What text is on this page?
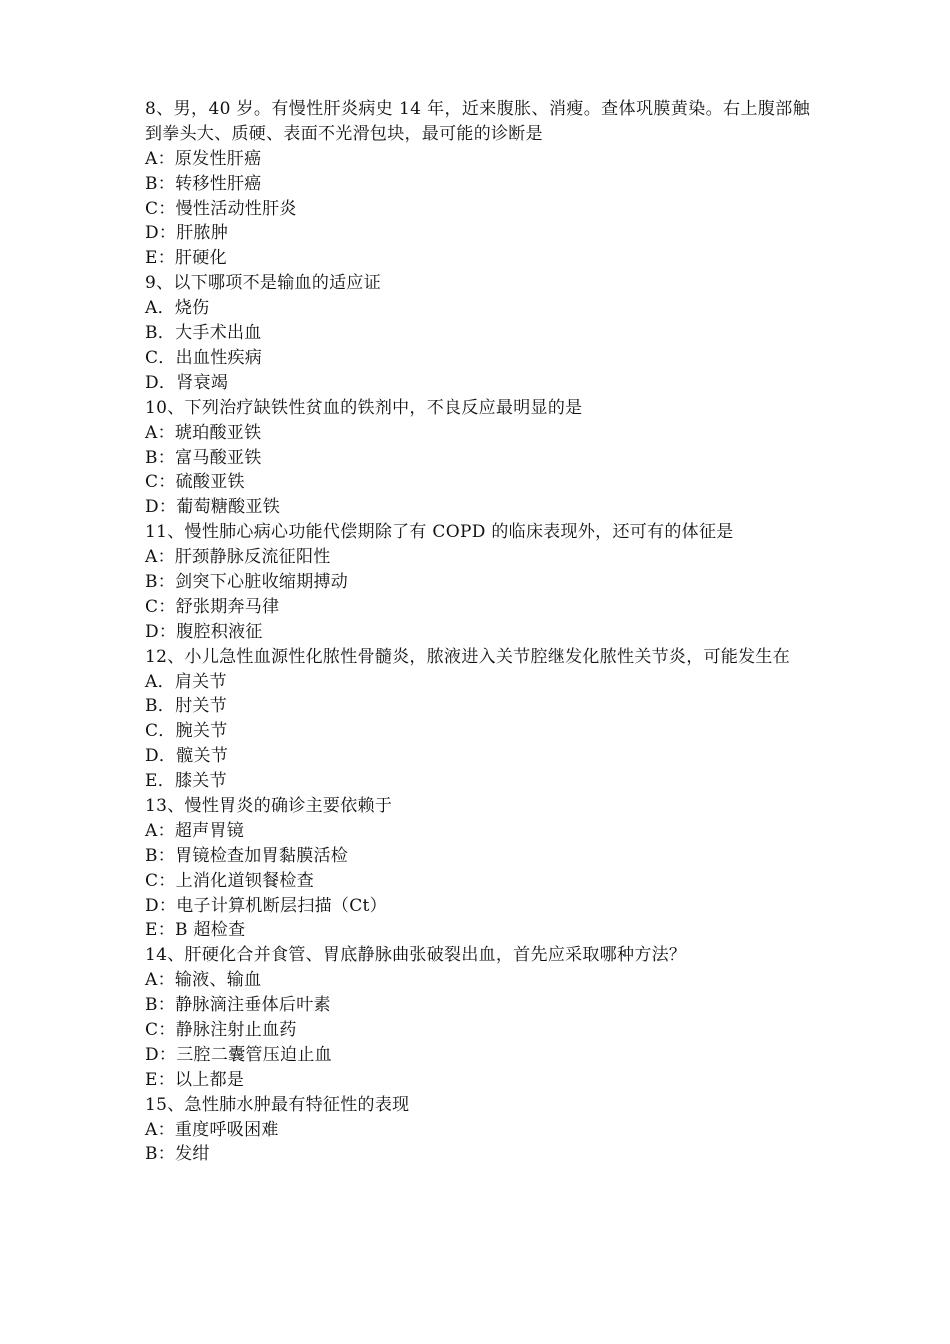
8、男，40 岁。有慢性肝炎病史 14 年，近来腹胀、消瘦。查体巩膜黄染。右上腹部触到拳头大、质硬、表面不光滑包块，最可能的诊断是
A：原发性肝癌
B：转移性肝癌
C：慢性活动性肝炎
D：肝脓肿
E：肝硬化
9、以下哪项不是输血的适应证
A．烧伤
B．大手术出血
C．出血性疾病
D．肾衰竭
10、下列治疗缺铁性贫血的铁剂中，不良反应最明显的是
A：琥珀酸亚铁
B：富马酸亚铁
C：硫酸亚铁
D：葡萄糖酸亚铁
11、慢性肺心病心功能代偿期除了有 COPD 的临床表现外，还可有的体征是
A：肝颈静脉反流征阳性
B：剑突下心脏收缩期搏动
C：舒张期奔马律
D：腹腔积液征
12、小儿急性血源性化脓性骨髓炎，脓液进入关节腔继发化脓性关节炎，可能发生在
A．肩关节
B．肘关节
C．腕关节
D．髋关节
E．膝关节
13、慢性胃炎的确诊主要依赖于
A：超声胃镜
B：胃镜检查加胃黏膜活检
C：上消化道钡餐检查
D：电子计算机断层扫描（Ct）
E：B 超检查
14、肝硬化合并食管、胃底静脉曲张破裂出血，首先应采取哪种方法？
A：输液、输血
B：静脉滴注垂体后叶素
C：静脉注射止血药
D：三腔二囊管压迫止血
E：以上都是
15、急性肺水肿最有特征性的表现
A：重度呼吸困难
B：发绀
